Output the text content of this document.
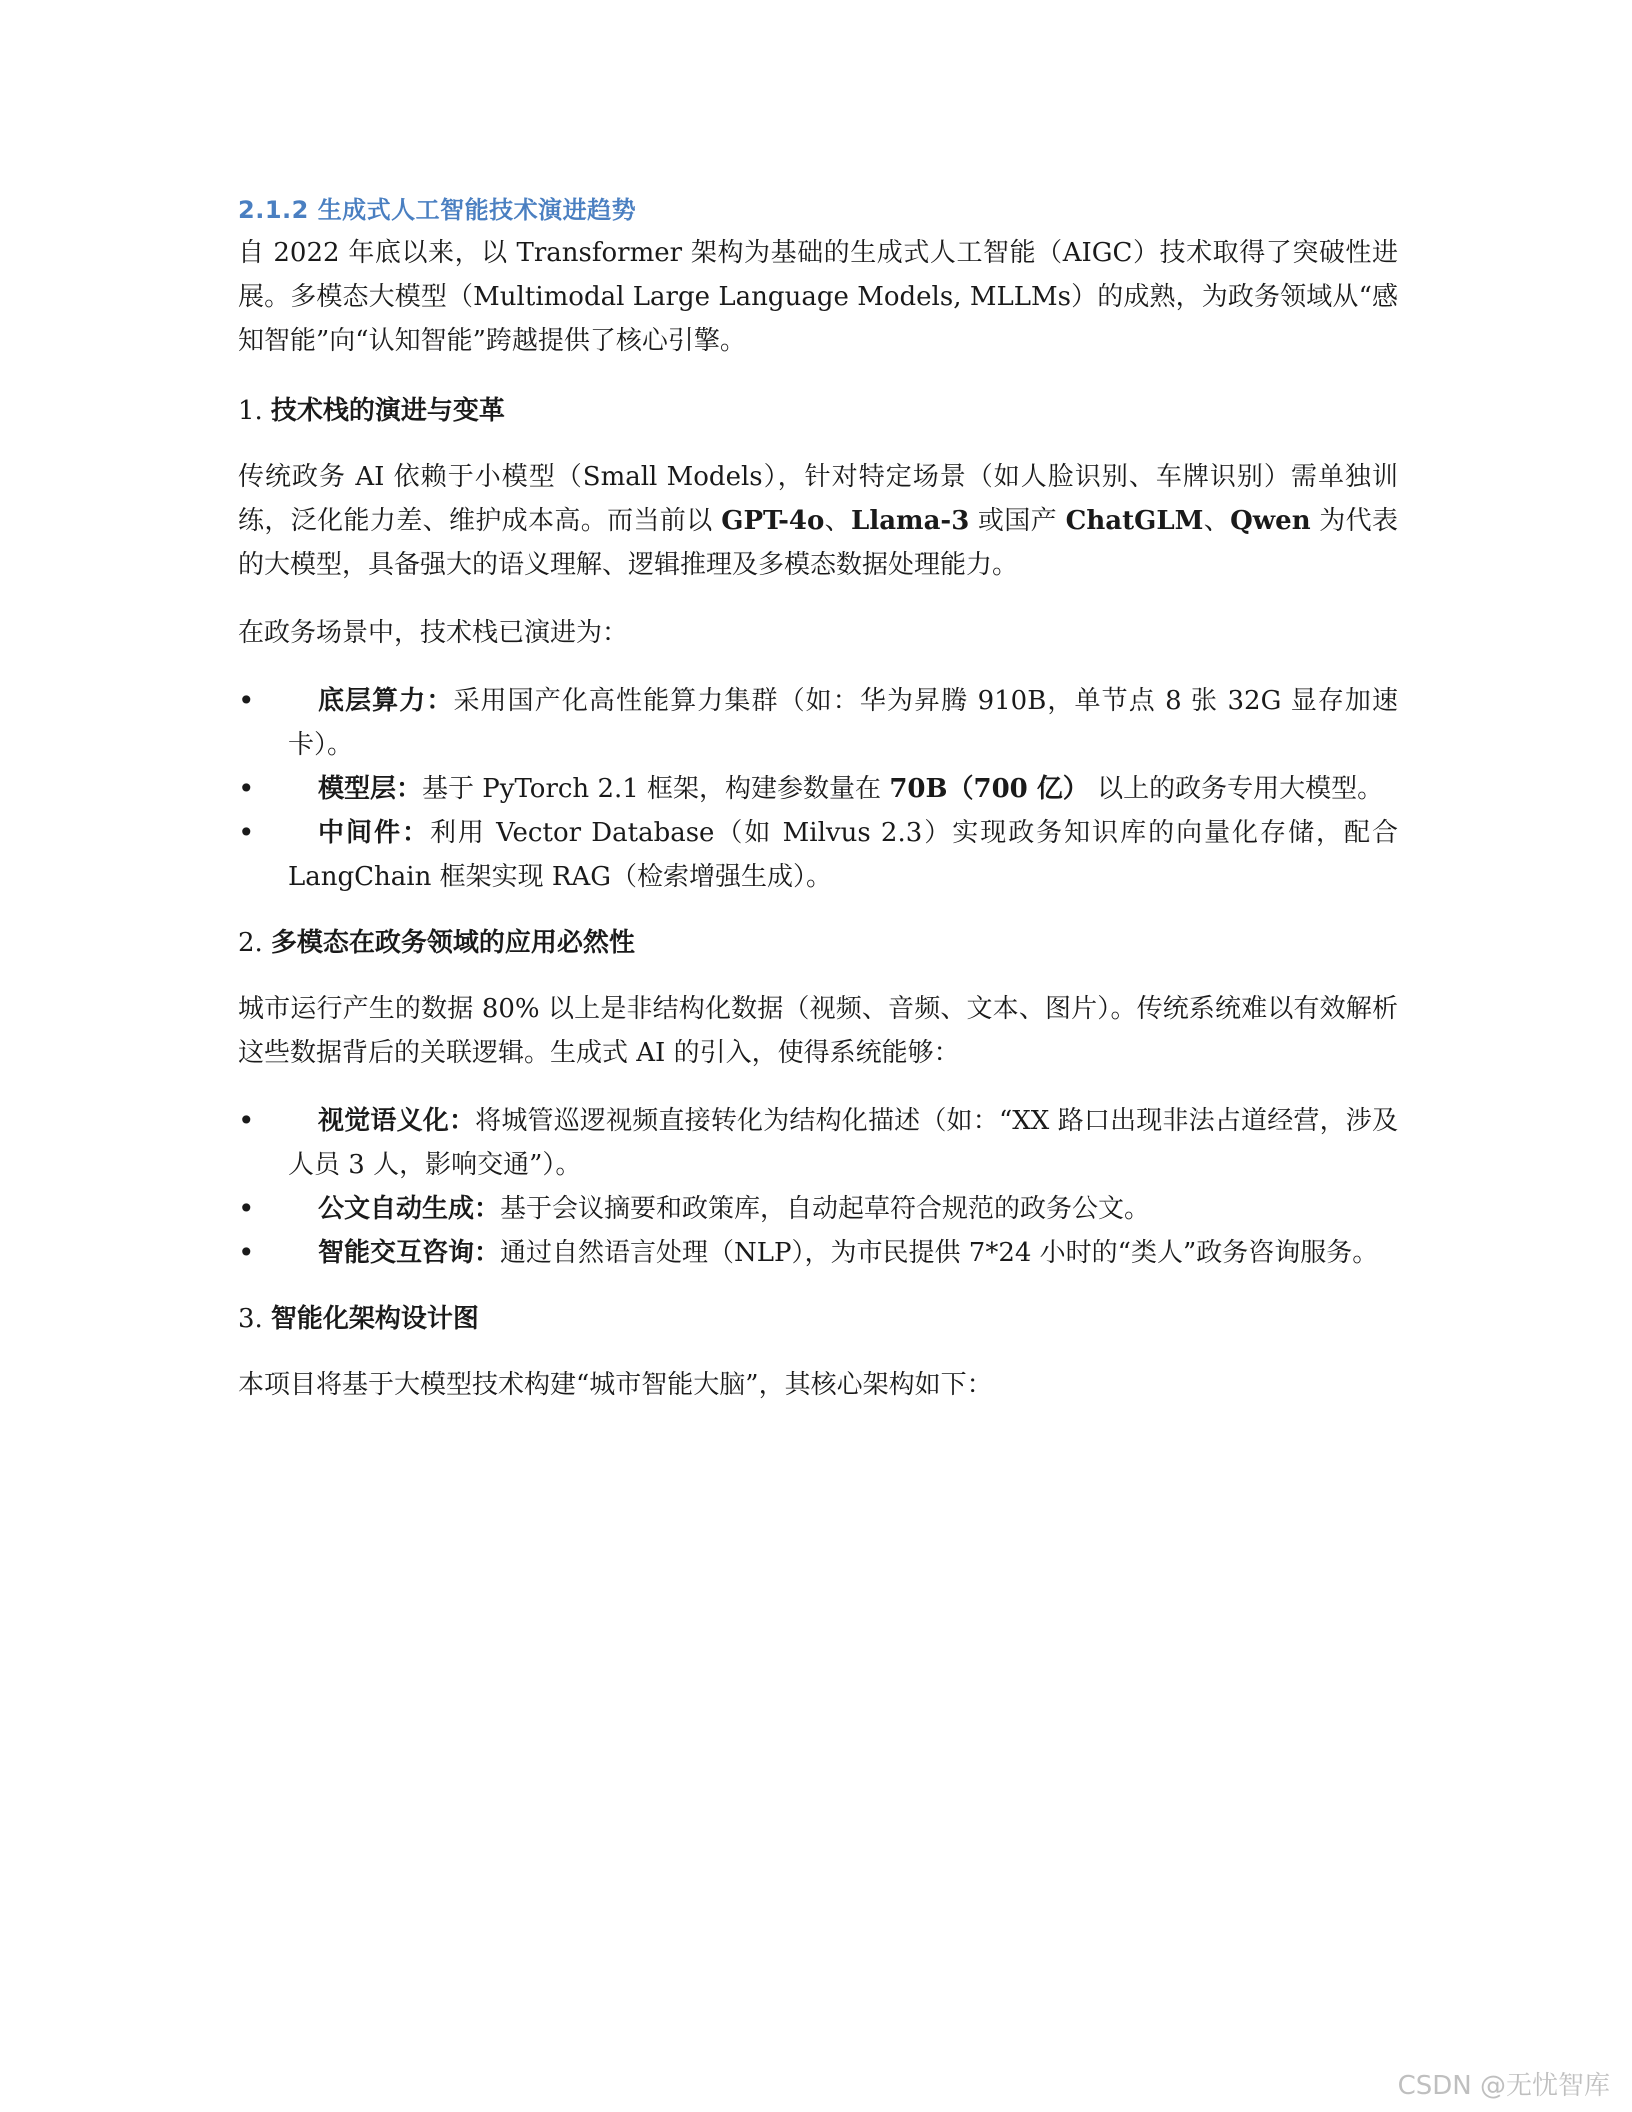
2.1.2 生成式人工智能技术演进趋势

自 2022 年底以来，以 Transformer 架构为基础的生成式人工智能（AIGC）技术取得了突破性进展。多模态大模型（Multimodal Large Language Models, MLLMs）的成熟，为政务领域从“感知智能”向“认知智能”跨越提供了核心引擎。

1. 技术栈的演进与变革

传统政务 AI 依赖于小模型（Small Models），针对特定场景（如人脸识别、车牌识别）需单独训练，泛化能力差、维护成本高。而当前以 GPT-4o、Llama-3 或国产 ChatGLM、Qwen 为代表的大模型，具备强大的语义理解、逻辑推理及多模态数据处理能力。

在政务场景中，技术栈已演进为：

• 底层算力：采用国产化高性能算力集群（如：华为昇腾 910B，单节点 8 张 32G 显存加速卡）。
• 模型层：基于 PyTorch 2.1 框架，构建参数量在 70B（700 亿） 以上的政务专用大模型。
• 中间件：利用 Vector Database（如 Milvus 2.3）实现政务知识库的向量化存储，配合 LangChain 框架实现 RAG（检索增强生成）。
2. 多模态在政务领域的应用必然性

城市运行产生的数据 80% 以上是非结构化数据（视频、音频、文本、图片）。传统系统难以有效解析这些数据背后的关联逻辑。生成式 AI 的引入，使得系统能够：

• 视觉语义化：将城管巡逻视频直接转化为结构化描述（如：“XX 路口出现非法占道经营，涉及人员 3 人，影响交通”）。
• 公文自动生成：基于会议摘要和政策库，自动起草符合规范的政务公文。
• 智能交互咨询：通过自然语言处理（NLP），为市民提供 7*24 小时的“类人”政务咨询服务。
3. 智能化架构设计图

本项目将基于大模型技术构建“城市智能大脑”，其核心架构如下：

CSDN @无忧智库
